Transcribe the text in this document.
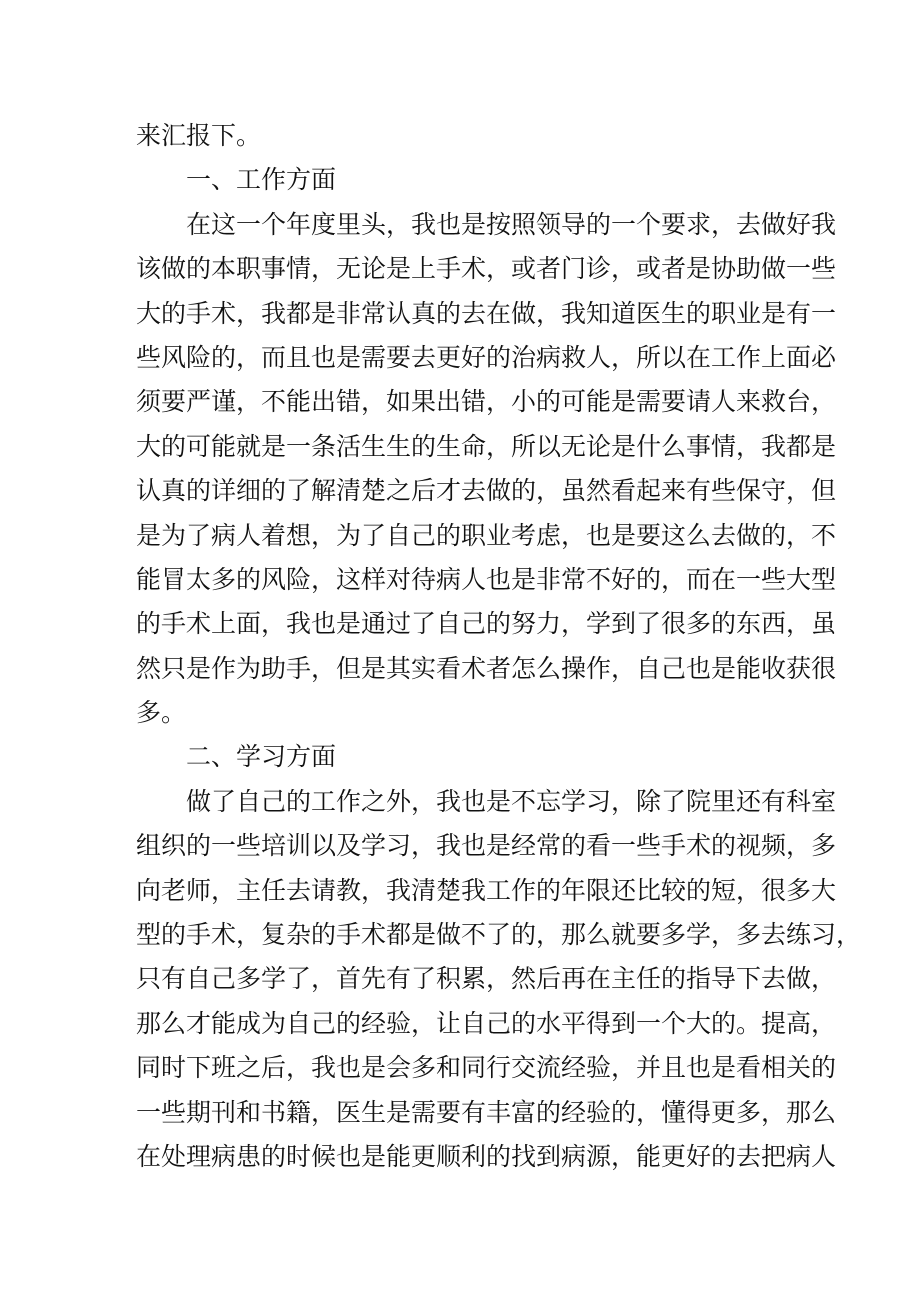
来汇报下。
一、工作方面
在这一个年度里头，我也是按照领导的一个要求，去做好我
该做的本职事情，无论是上手术，或者门诊，或者是协助做一些
大的手术，我都是非常认真的去在做，我知道医生的职业是有一
些风险的，而且也是需要去更好的治病救人，所以在工作上面必
须要严谨，不能出错，如果出错，小的可能是需要请人来救台，
大的可能就是一条活生生的生命，所以无论是什么事情，我都是
认真的详细的了解清楚之后才去做的，虽然看起来有些保守，但
是为了病人着想，为了自己的职业考虑，也是要这么去做的，不
能冒太多的风险，这样对待病人也是非常不好的，而在一些大型
的手术上面，我也是通过了自己的努力，学到了很多的东西，虽
然只是作为助手，但是其实看术者怎么操作，自己也是能收获很
多。
二、学习方面
做了自己的工作之外，我也是不忘学习，除了院里还有科室
组织的一些培训以及学习，我也是经常的看一些手术的视频，多
向老师，主任去请教，我清楚我工作的年限还比较的短，很多大
型的手术，复杂的手术都是做不了的，那么就要多学，多去练习，
只有自己多学了，首先有了积累，然后再在主任的指导下去做，
那么才能成为自己的经验，让自己的水平得到一个大的。提高，
同时下班之后，我也是会多和同行交流经验，并且也是看相关的
一些期刊和书籍，医生是需要有丰富的经验的，懂得更多，那么
在处理病患的时候也是能更顺利的找到病源，能更好的去把病人
